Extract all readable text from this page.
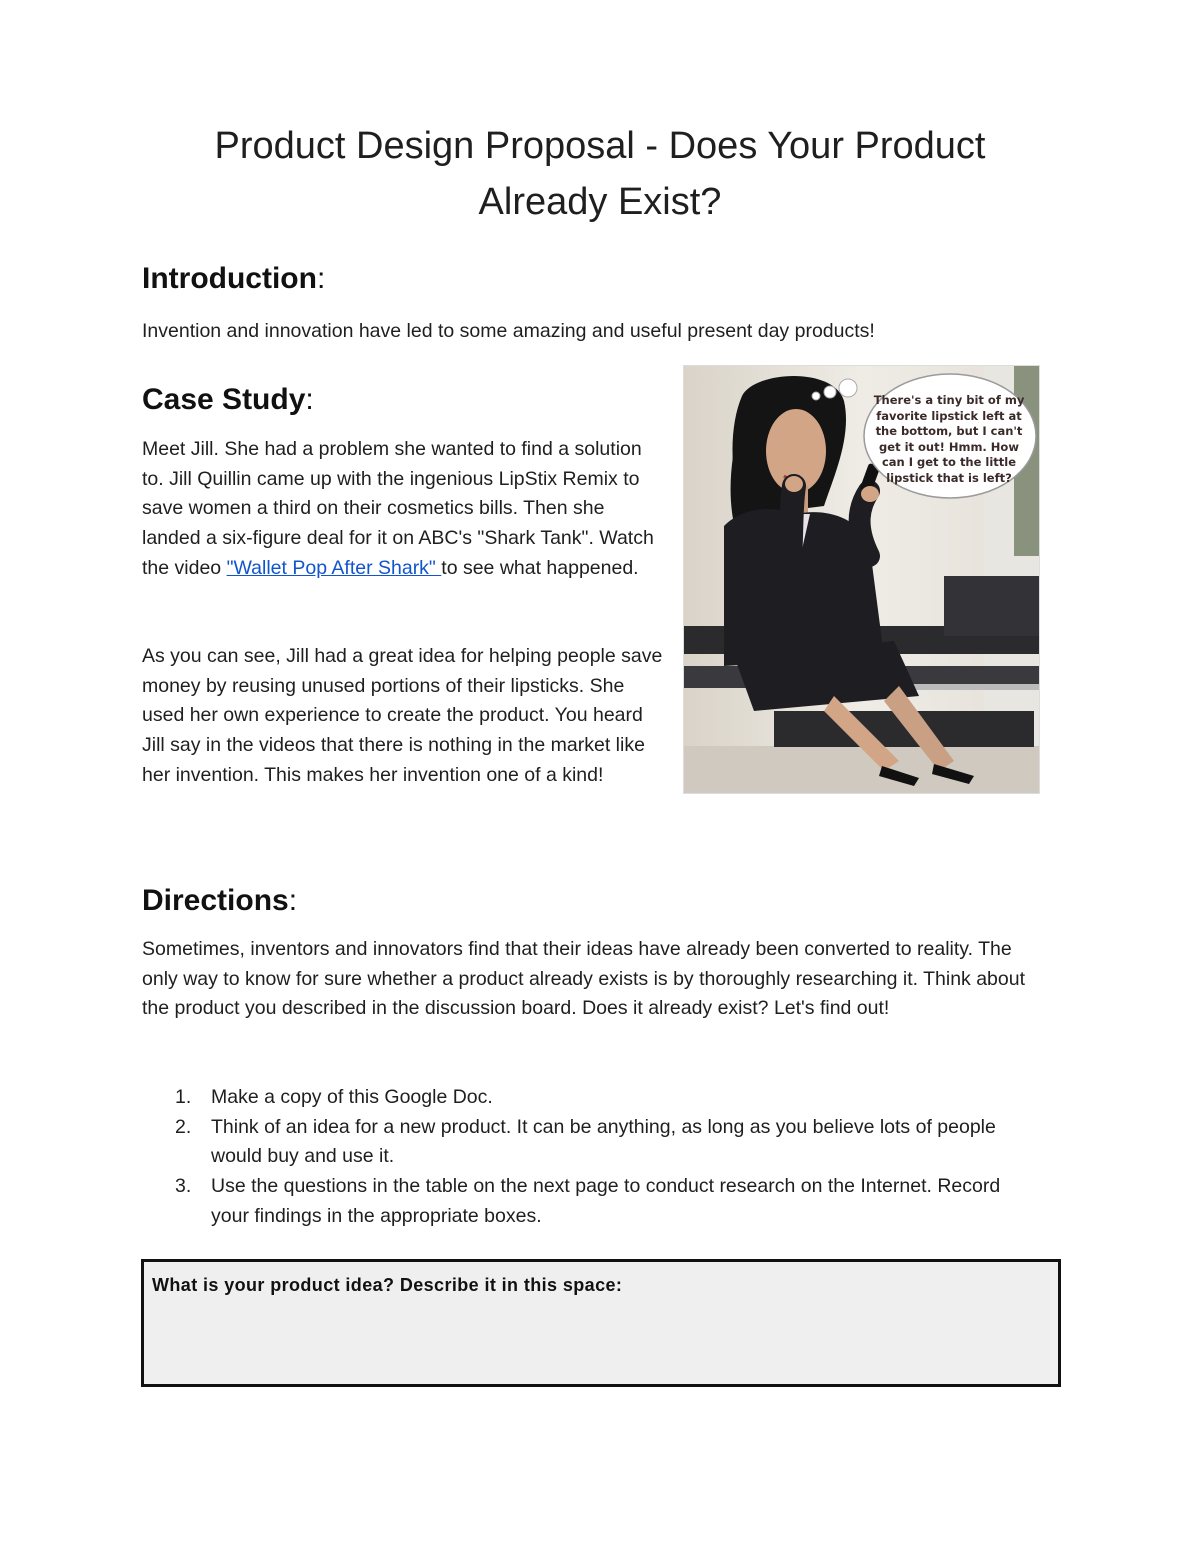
Product Design Proposal - Does Your Product
Already Exist?
Introduction:

Invention and innovation have led to some amazing and useful present day products!

Case Study:

Meet Jill. She had a problem she wanted to find a solution to. Jill Quillin came up with the ingenious LipStix Remix to save women a third on their cosmetics bills. Then she landed a six-figure deal for it on ABC's "Shark Tank". Watch the video "Wallet Pop After Shark" to see what happened.

As you can see, Jill had a great idea for helping people save money by reusing unused portions of their lipsticks. She used her own experience to create the product. You heard Jill say in the videos that there is nothing in the market like her invention. This makes her invention one of a kind!

There's a tiny bit of my favorite lipstick left at the bottom, but I can't get it out! Hmm. How can I get to the little lipstick that is left?
Directions:

Sometimes, inventors and innovators find that their ideas have already been converted to reality. The only way to know for sure whether a product already exists is by thoroughly researching it. Think about the product you described in the discussion board. Does it already exist? Let's find out!

1. Make a copy of this Google Doc.
2. Think of an idea for a new product. It can be anything, as long as you believe lots of people would buy and use it.
3. Use the questions in the table on the next page to conduct research on the Internet. Record your findings in the appropriate boxes.
What is your product idea? Describe it in this space:
